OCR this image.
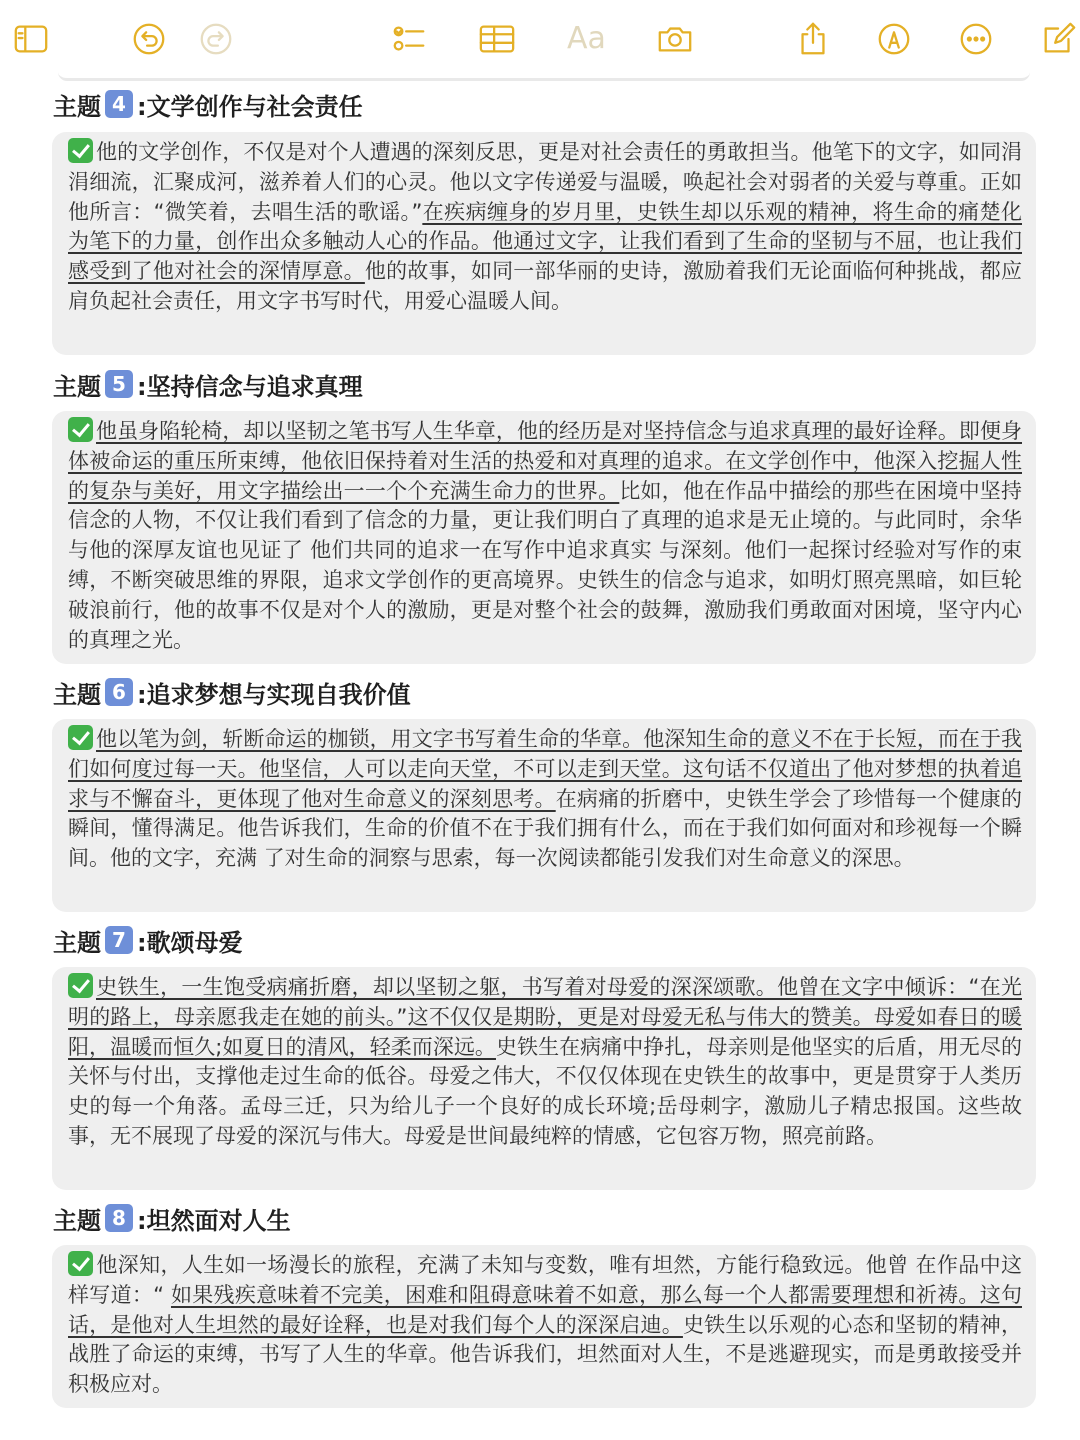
Aa
主题 4 :文学创作与社会责任
他的文学创作，不仅是对个人遭遇的深刻反思，更是对社会责任的勇敢担当。他笔下的文字，如同涓涓细流，汇聚成河，滋养着人们的心灵。他以文字传递爱与温暖，唤起社会对弱者的关爱与尊重。正如他所言：“微笑着，去唱生活的歌谣。”在疾病缠身的岁月里，史铁生却以乐观的精神，将生命的痛楚化为笔下的力量，创作出众多触动人心的作品。他通过文字，让我们看到了生命的坚韧与不屈，也让我们感受到了他对社会的深情厚意。他的故事，如同一部华丽的史诗，激励着我们无论面临何种挑战，都应肩负起社会责任，用文字书写时代，用爱心温暖人间。
主题 5 :坚持信念与追求真理
他虽身陷轮椅，却以坚韧之笔书写人生华章，他的经历是对坚持信念与追求真理的最好诠释。即便身体被命运的重压所束缚，他依旧保持着对生活的热爱和对真理的追求。在文学创作中，他深入挖掘人性的复杂与美好，用文字描绘出一一个个充满生命力的世界。比如，他在作品中描绘的那些在困境中坚持信念的人物，不仅让我们看到了信念的力量，更让我们明白了真理的追求是无止境的。与此同时，余华与他的深厚友谊也见证了 他们共同的追求一在写作中追求真实 与深刻。他们一起探讨经验对写作的束缚，不断突破思维的界限，追求文学创作的更高境界。史铁生的信念与追求，如明灯照亮黑暗，如巨轮破浪前行，他的故事不仅是对个人的激励，更是对整个社会的鼓舞，激励我们勇敢面对困境，坚守内心的真理之光。
主题 6 :追求梦想与实现自我价值
他以笔为剑，斩断命运的枷锁，用文字书写着生命的华章。他深知生命的意义不在于长短，而在于我们如何度过每一天。他坚信，人可以走向天堂，不可以走到天堂。这句话不仅道出了他对梦想的执着追求与不懈奋斗，更体现了他对生命意义的深刻思考。在病痛的折磨中，史铁生学会了珍惜每一个健康的瞬间，懂得满足。他告诉我们，生命的价值不在于我们拥有什么，而在于我们如何面对和珍视每一个瞬间。他的文字，充满 了对生命的洞察与思索，每一次阅读都能引发我们对生命意义的深思。
主题 7 :歌颂母爱
史铁生，一生饱受病痛折磨，却以坚韧之躯，书写着对母爱的深深颂歌。他曾在文字中倾诉：“在光明的路上，母亲愿我走在她的前头。”这不仅仅是期盼，更是对母爱无私与伟大的赞美。母爱如春日的暖阳，温暖而恒久;如夏日的清风，轻柔而深远。史铁生在病痛中挣扎，母亲则是他坚实的后盾，用无尽的关怀与付出，支撑他走过生命的低谷。母爱之伟大，不仅仅体现在史铁生的故事中，更是贯穿于人类历史的每一个角落。孟母三迁，只为给儿子一个良好的成长环境;岳母刺字，激励儿子精忠报国。这些故事，无不展现了母爱的深沉与伟大。母爱是世间最纯粹的情感，它包容万物，照亮前路。
主题 8 :坦然面对人生
他深知，人生如一场漫长的旅程，充满了未知与变数，唯有坦然，方能行稳致远。他曾 在作品中这样写道：“ 如果残疾意味着不完美，困难和阻碍意味着不如意，那么每一个人都需要理想和祈祷。这句话，是他对人生坦然的最好诠释，也是对我们每个人的深深启迪。史铁生以乐观的心态和坚韧的精神，战胜了命运的束缚，书写了人生的华章。他告诉我们，坦然面对人生，不是逃避现实，而是勇敢接受并积极应对。
